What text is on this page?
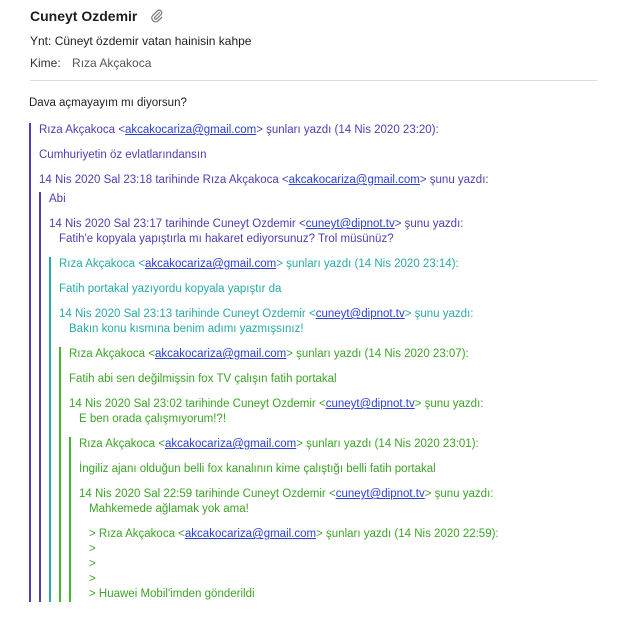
Cuneyt Ozdemir
Ynt: Cüneyt özdemir vatan hainisin kahpe
Kime: Rıza Akçakoca
Dava açmayayım mı diyorsun?
Rıza Akçakoca <akcakocariza@gmail.com> şunları yazdı (14 Nis 2020 23:20):
Cumhuriyetin öz evlatlarındansın
14 Nis 2020 Sal 23:18 tarihinde Rıza Akçakoca <akcakocariza@gmail.com> şunu yazdı:
Abi
14 Nis 2020 Sal 23:17 tarihinde Cuneyt Ozdemir <cuneyt@dipnot.tv> şunu yazdı:
Fatih'e kopyala yapıştırla mı hakaret ediyorsunuz? Trol müsünüz?
Rıza Akçakoca <akcakocariza@gmail.com> şunları yazdı (14 Nis 2020 23:14):
Fatih portakal yazıyordu kopyala yapıştır da
14 Nis 2020 Sal 23:13 tarihinde Cuneyt Ozdemir <cuneyt@dipnot.tv> şunu yazdı:
Bakın konu kısmına benim adımı yazmışsınız!
Rıza Akçakoca <akcakocariza@gmail.com> şunları yazdı (14 Nis 2020 23:07):
Fatih abi sen değilmişsin fox TV çalışın fatih portakal
14 Nis 2020 Sal 23:02 tarihinde Cuneyt Ozdemir <cuneyt@dipnot.tv> şunu yazdı:
E ben orada çalışmıyorum!?!
Rıza Akçakoca <akcakocariza@gmail.com> şunları yazdı (14 Nis 2020 23:01):
İngiliz ajanı olduğun belli fox kanalının kime çalıştığı belli fatih portakal
14 Nis 2020 Sal 22:59 tarihinde Cuneyt Ozdemir <cuneyt@dipnot.tv> şunu yazdı:
Mahkemede ağlamak yok ama!
> Rıza Akçakoca <akcakocariza@gmail.com> şunları yazdı (14 Nis 2020 22:59):
>
>
>
> Huawei Mobil'imden gönderildi
